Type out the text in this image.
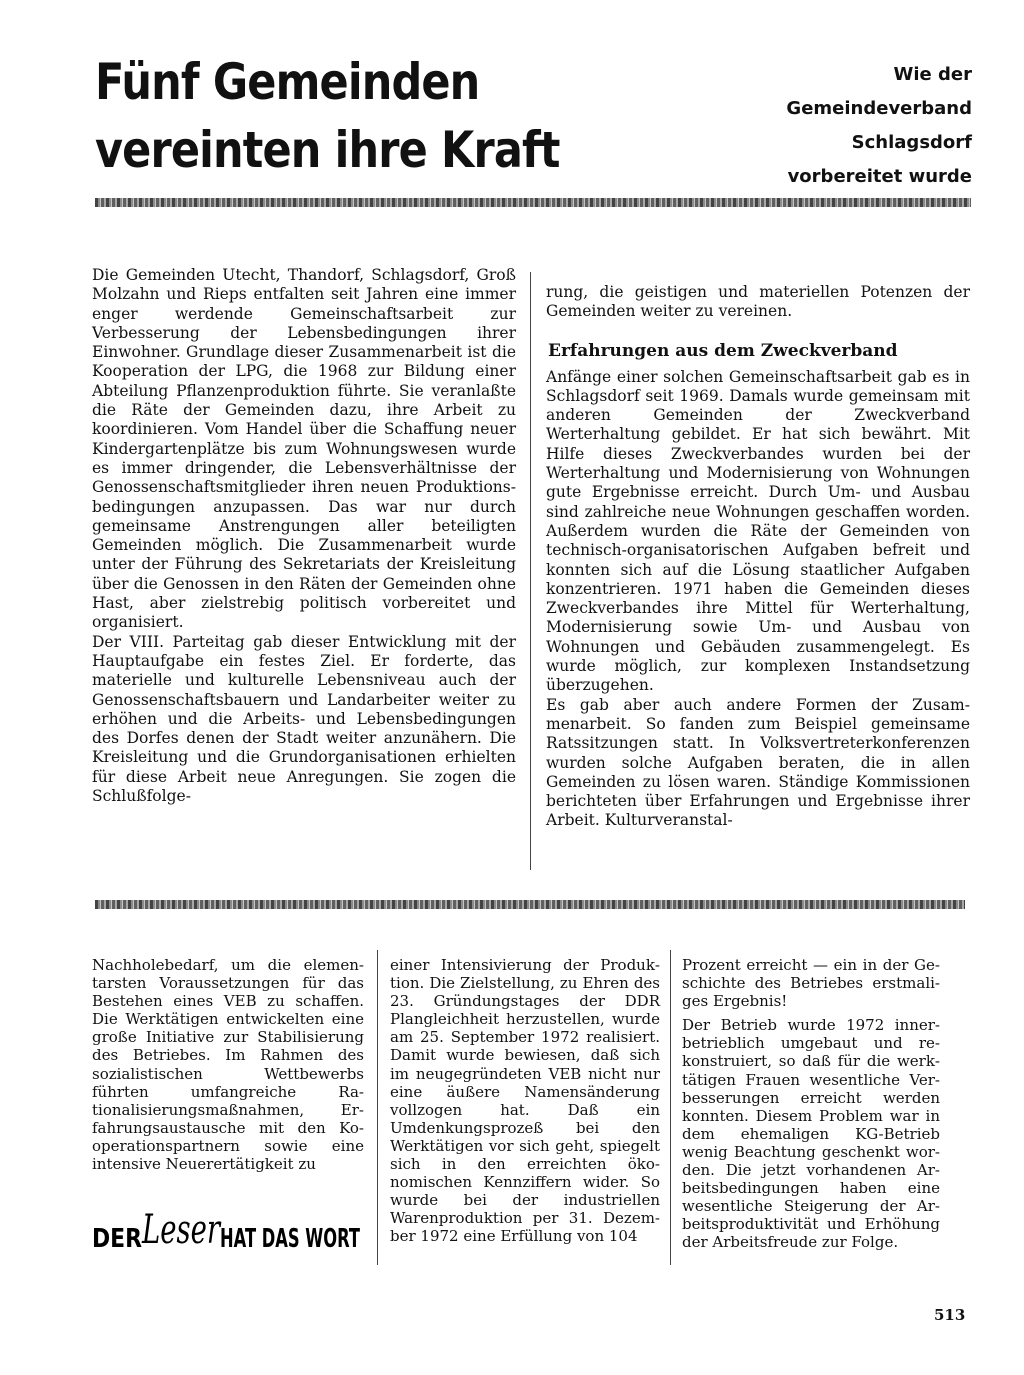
Fünf Gemeinden
vereinten ihre Kraft
Wie der
Gemeindeverband
Schlagsdorf
vorbereitet wurde

Die Gemeinden Utecht, Thandorf, Schlagsdorf, Groß Molzahn und Rieps entfalten seit Jahren eine immer enger werdende Gemeinschaftsarbeit zur Verbesserung der Lebensbedingungen ihrer Einwohner. Grundlage dieser Zusammenarbeit ist die Kooperation der LPG, die 1968 zur Bildung einer Abteilung Pflanzenproduktion führte. Sie veranlaßte die Räte der Gemeinden dazu, ihre Arbeit zu koordinieren. Vom Handel über die Schaffung neuer Kindergartenplätze bis zum Wohnungswesen wurde es immer dringender, die Lebensverhältnisse der Genossenschaftsmitglieder ihren neuen Produktionsbedingungen anzupassen. Das war nur durch gemeinsame Anstrengungen aller beteiligten Gemeinden möglich. Die Zusammenarbeit wurde unter der Führung des Sekretariats der Kreisleitung über die Genossen in den Räten der Gemeinden ohne Hast, aber zielstrebig politisch vorbereitet und organisiert.

Der VIII. Parteitag gab dieser Entwicklung mit der Hauptaufgabe ein festes Ziel. Er forderte, das materielle und kulturelle Lebensniveau auch der Genossenschaftsbauern und Landarbeiter weiter zu erhöhen und die Arbeits- und Lebensbedingungen des Dorfes denen der Stadt weiter anzunähern. Die Kreisleitung und die Grundorganisationen erhielten für diese Arbeit neue Anregungen. Sie zogen die Schlußfolge-

rung, die geistigen und materiellen Potenzen der Gemeinden weiter zu vereinen.

Erfahrungen aus dem Zweckverband

Anfänge einer solchen Gemeinschaftsarbeit gab es in Schlagsdorf seit 1969. Damals wurde gemeinsam mit anderen Gemeinden der Zweckverband Werterhaltung gebildet. Er hat sich bewährt. Mit Hilfe dieses Zweckverbandes wurden bei der Werterhaltung und Modernisierung von Wohnungen gute Ergebnisse erreicht. Durch Um- und Ausbau sind zahlreiche neue Wohnungen geschaffen worden. Außerdem wurden die Räte der Gemeinden von technisch-organisatorischen Aufgaben befreit und konnten sich auf die Lösung staatlicher Aufgaben konzentrieren. 1971 haben die Gemeinden dieses Zweckverbandes ihre Mittel für Werterhaltung, Modernisierung sowie Um- und Ausbau von Wohnungen und Gebäuden zusammengelegt. Es wurde möglich, zur komplexen Instandsetzung überzugehen.

Es gab aber auch andere Formen der Zusammenarbeit. So fanden zum Beispiel gemeinsame Ratssitzungen statt. In Volksvertreterkonferenzen wurden solche Aufgaben beraten, die in allen Gemeinden zu lösen waren. Ständige Kommissionen berichteten über Erfahrungen und Ergebnisse ihrer Arbeit. Kulturveranstal-

Nachholebedarf, um die elementarsten Voraussetzungen für das Bestehen eines VEB zu schaffen. Die Werktätigen entwickelten eine große Initiative zur Stabilisierung des Betriebes. Im Rahmen des sozialistischen Wettbewerbs führten umfangreiche Rationalisierungsmaßnahmen, Erfahrungsaustausche mit den Kooperationspartnern sowie eine intensive Neuerertätigkeit zu

einer Intensivierung der Produktion. Die Zielstellung, zu Ehren des 23. Gründungstages der DDR Plangleichheit herzustellen, wurde am 25. September 1972 realisiert. Damit wurde bewiesen, daß sich im neugegründeten VEB nicht nur eine äußere Namensänderung vollzogen hat. Daß ein Umdenkungsprozeß bei den Werktätigen vor sich geht, spiegelt sich in den erreichten ökonomischen Kennziffern wider. So wurde bei der industriellen Warenproduktion per 31. Dezember 1972 eine Erfüllung von 104

Prozent erreicht — ein in der Geschichte des Betriebes erstmaliges Ergebnis!

Der Betrieb wurde 1972 innerbetrieblich umgebaut und rekonstruiert, so daß für die werktätigen Frauen wesentliche Verbesserungen erreicht werden konnten. Diesem Problem war in dem ehemaligen KG-Betrieb wenig Beachtung geschenkt worden. Die jetzt vorhandenen Arbeitsbedingungen haben eine wesentliche Steigerung der Arbeitsproduktivität und Erhöhung der Arbeitsfreude zur Folge.

DER Leser
HAT DAS WORT
513
